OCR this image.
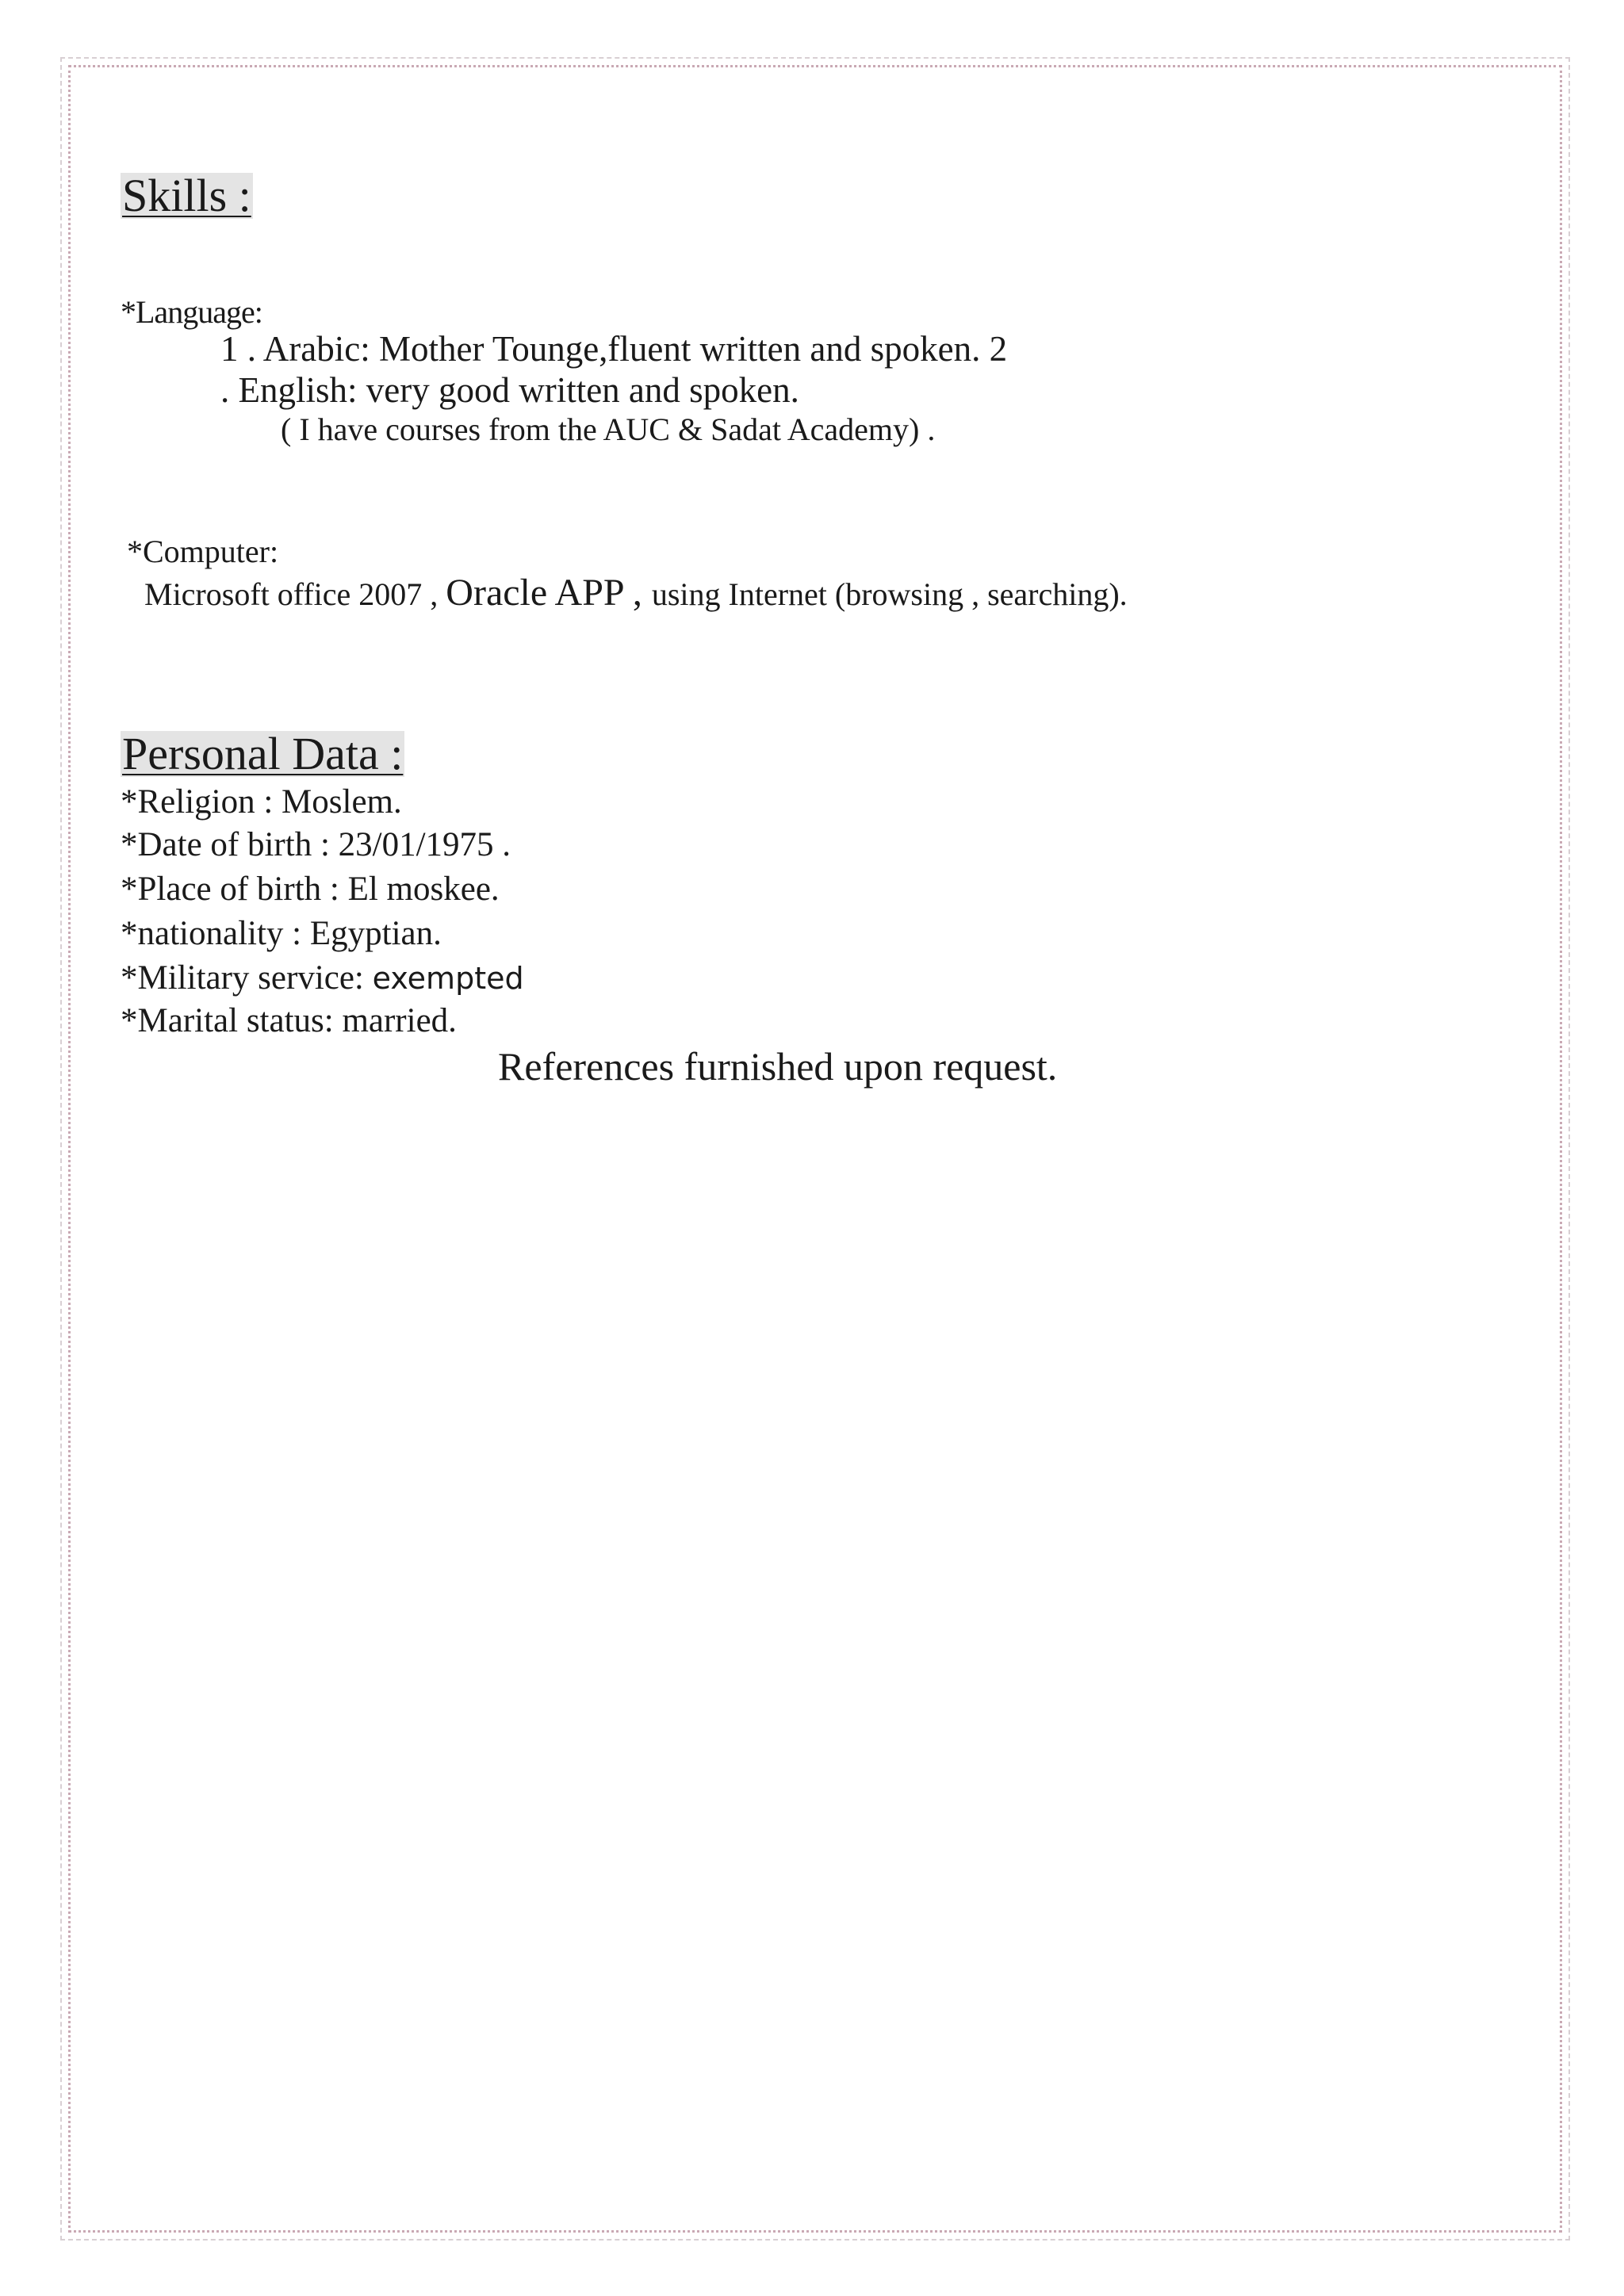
Skills :
*Language:
1 . Arabic: Mother Tounge,fluent written and spoken. 2
. English: very good written and spoken.
( I have courses from the AUC & Sadat Academy) .
*Computer:
Microsoft office 2007 , Oracle APP , using Internet (browsing , searching).
Personal Data :
*Religion : Moslem.
*Date of birth : 23/01/1975 .
*Place of birth : El moskee.
*nationality : Egyptian.
*Military service: exempted
*Marital status: married.
References furnished upon request.
